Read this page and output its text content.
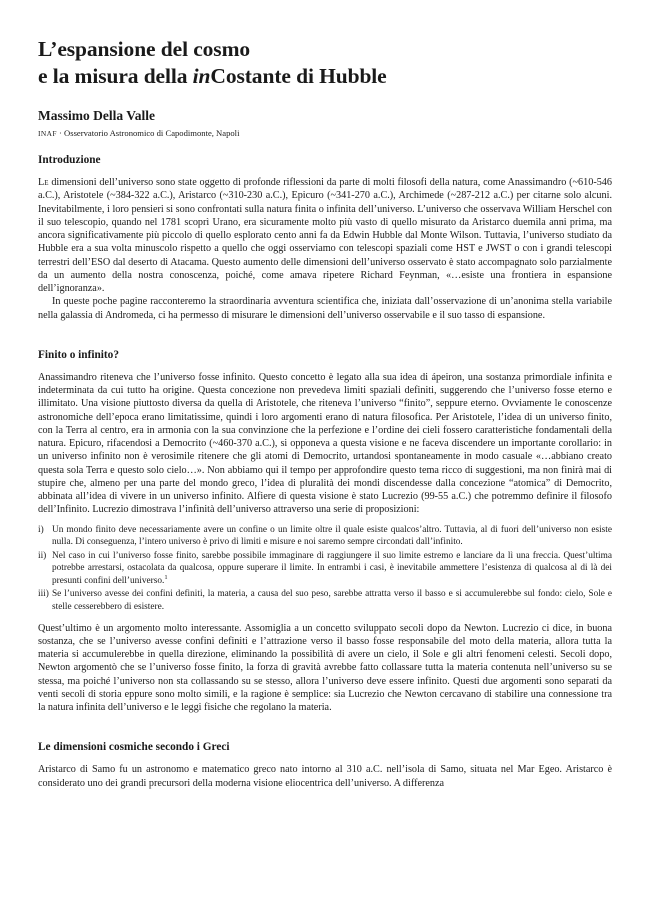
L’espansione del cosmo
e la misura della inCostante di Hubble

Massimo Della Valle

INAF · Osservatorio Astronomico di Capodimonte, Napoli

Introduzione

Le dimensioni dell’universo sono state oggetto di profonde riflessioni da parte di molti filosofi della natura, come Anassimandro (~610-546 a.C.), Aristotele (~384-322 a.C.), Aristarco (~310-230 a.C.), Epicuro (~341-270 a.C.), Archimede (~287-212 a.C.) per citarne solo alcuni. Inevitabilmente, i loro pensieri si sono confrontati sulla natura finita o infinita dell’universo. L’universo che osservava William Herschel con il suo telescopio, quando nel 1781 scoprì Urano, era sicuramente molto più vasto di quello misurato da Aristarco duemila anni prima, ma ancora significativamente più piccolo di quello esplorato cento anni fa da Edwin Hubble dal Monte Wilson. Tuttavia, l’universo studiato da Hubble era a sua volta minuscolo rispetto a quello che oggi osserviamo con telescopi spaziali come HST e JWST o con i grandi telescopi terrestri dell’ESO dal deserto di Atacama. Questo aumento delle dimensioni dell’universo osservato è stato accompagnato solo parzialmente da un aumento della nostra conoscenza, poiché, come amava ripetere Richard Feynman, «…esiste una frontiera in espansione dell’ignoranza».

In queste poche pagine racconteremo la straordinaria avventura scientifica che, iniziata dall’osservazione di un’anonima stella variabile nella galassia di Andromeda, ci ha permesso di misurare le dimensioni dell’universo osservabile e il suo tasso di espansione.

Finito o infinito?

Anassimandro riteneva che l’universo fosse infinito. Questo concetto è legato alla sua idea di ápeiron, una sostanza primordiale infinita e indeterminata da cui tutto ha origine. Questa concezione non prevedeva limiti spaziali definiti, suggerendo che l’universo fosse eterno e illimitato. Una visione piuttosto diversa da quella di Aristotele, che riteneva l’universo “finito”, seppure eterno. Ovviamente le conoscenze astronomiche dell’epoca erano limitatissime, quindi i loro argomenti erano di natura filosofica. Per Aristotele, l’idea di un universo finito, con la Terra al centro, era in armonia con la sua convinzione che la perfezione e l’ordine dei cieli fossero caratteristiche fondamentali della natura. Epicuro, rifacendosi a Democrito (~460-370 a.C.), si opponeva a questa visione e ne faceva discendere un importante corollario: in un universo infinito non è verosimile ritenere che gli atomi di Democrito, urtandosi spontaneamente in modo casuale «…abbiano creato questa sola Terra e questo solo cielo…». Non abbiamo qui il tempo per approfondire questo tema ricco di suggestioni, ma non finirà mai di stupire che, almeno per una parte del mondo greco, l’idea di pluralità dei mondi discendesse dalla concezione “atomica” di Democrito, abbinata all’idea di vivere in un universo infinito. Alfiere di questa visione è stato Lucrezio (99-55 a.C.) che potremmo definire il filosofo dell’Infinito. Lucrezio dimostrava l’infinità dell’universo attraverso una serie di proposizioni:

i) Un mondo finito deve necessariamente avere un confine o un limite oltre il quale esiste qualcos’altro. Tuttavia, al di fuori dell’universo non esiste nulla. Di conseguenza, l’intero universo è privo di limiti e misure e noi saremo sempre circondati dall’infinito.
ii) Nel caso in cui l’universo fosse finito, sarebbe possibile immaginare di raggiungere il suo limite estremo e lanciare da lì una freccia. Quest’ultima potrebbe arrestarsi, ostacolata da qualcosa, oppure superare il limite. In entrambi i casi, è inevitabile ammettere l’esistenza di qualcosa al di là dei presunti confini dell’universo.$^1$
iii) Se l’universo avesse dei confini definiti, la materia, a causa del suo peso, sarebbe attratta verso il basso e si accumulerebbe sul fondo: cielo, Sole e stelle cesserebbero di esistere.

Quest’ultimo è un argomento molto interessante. Assomiglia a un concetto sviluppato secoli dopo da Newton. Lucrezio ci dice, in buona sostanza, che se l’universo avesse confini definiti e l’attrazione verso il basso fosse responsabile del moto della materia, allora tutta la materia si accumulerebbe in quella direzione, eliminando la possibilità di avere un cielo, il Sole e gli altri fenomeni celesti. Secoli dopo, Newton argomentò che se l’universo fosse finito, la forza di gravità avrebbe fatto collassare tutta la materia contenuta nell’universo su se stessa, ma poiché l’universo non sta collassando su se stesso, allora l’universo deve essere infinito. Questi due argomenti sono separati da venti secoli di storia eppure sono molto simili, e la ragione è semplice: sia Lucrezio che Newton cercavano di stabilire una connessione tra la natura infinita dell’universo e le leggi fisiche che regolano la materia.

Le dimensioni cosmiche secondo i Greci

Aristarco di Samo fu un astronomo e matematico greco nato intorno al 310 a.C. nell’isola di Samo, situata nel Mar Egeo. Aristarco è considerato uno dei grandi precursori della moderna visione eliocentrica dell’universo. A differenza
